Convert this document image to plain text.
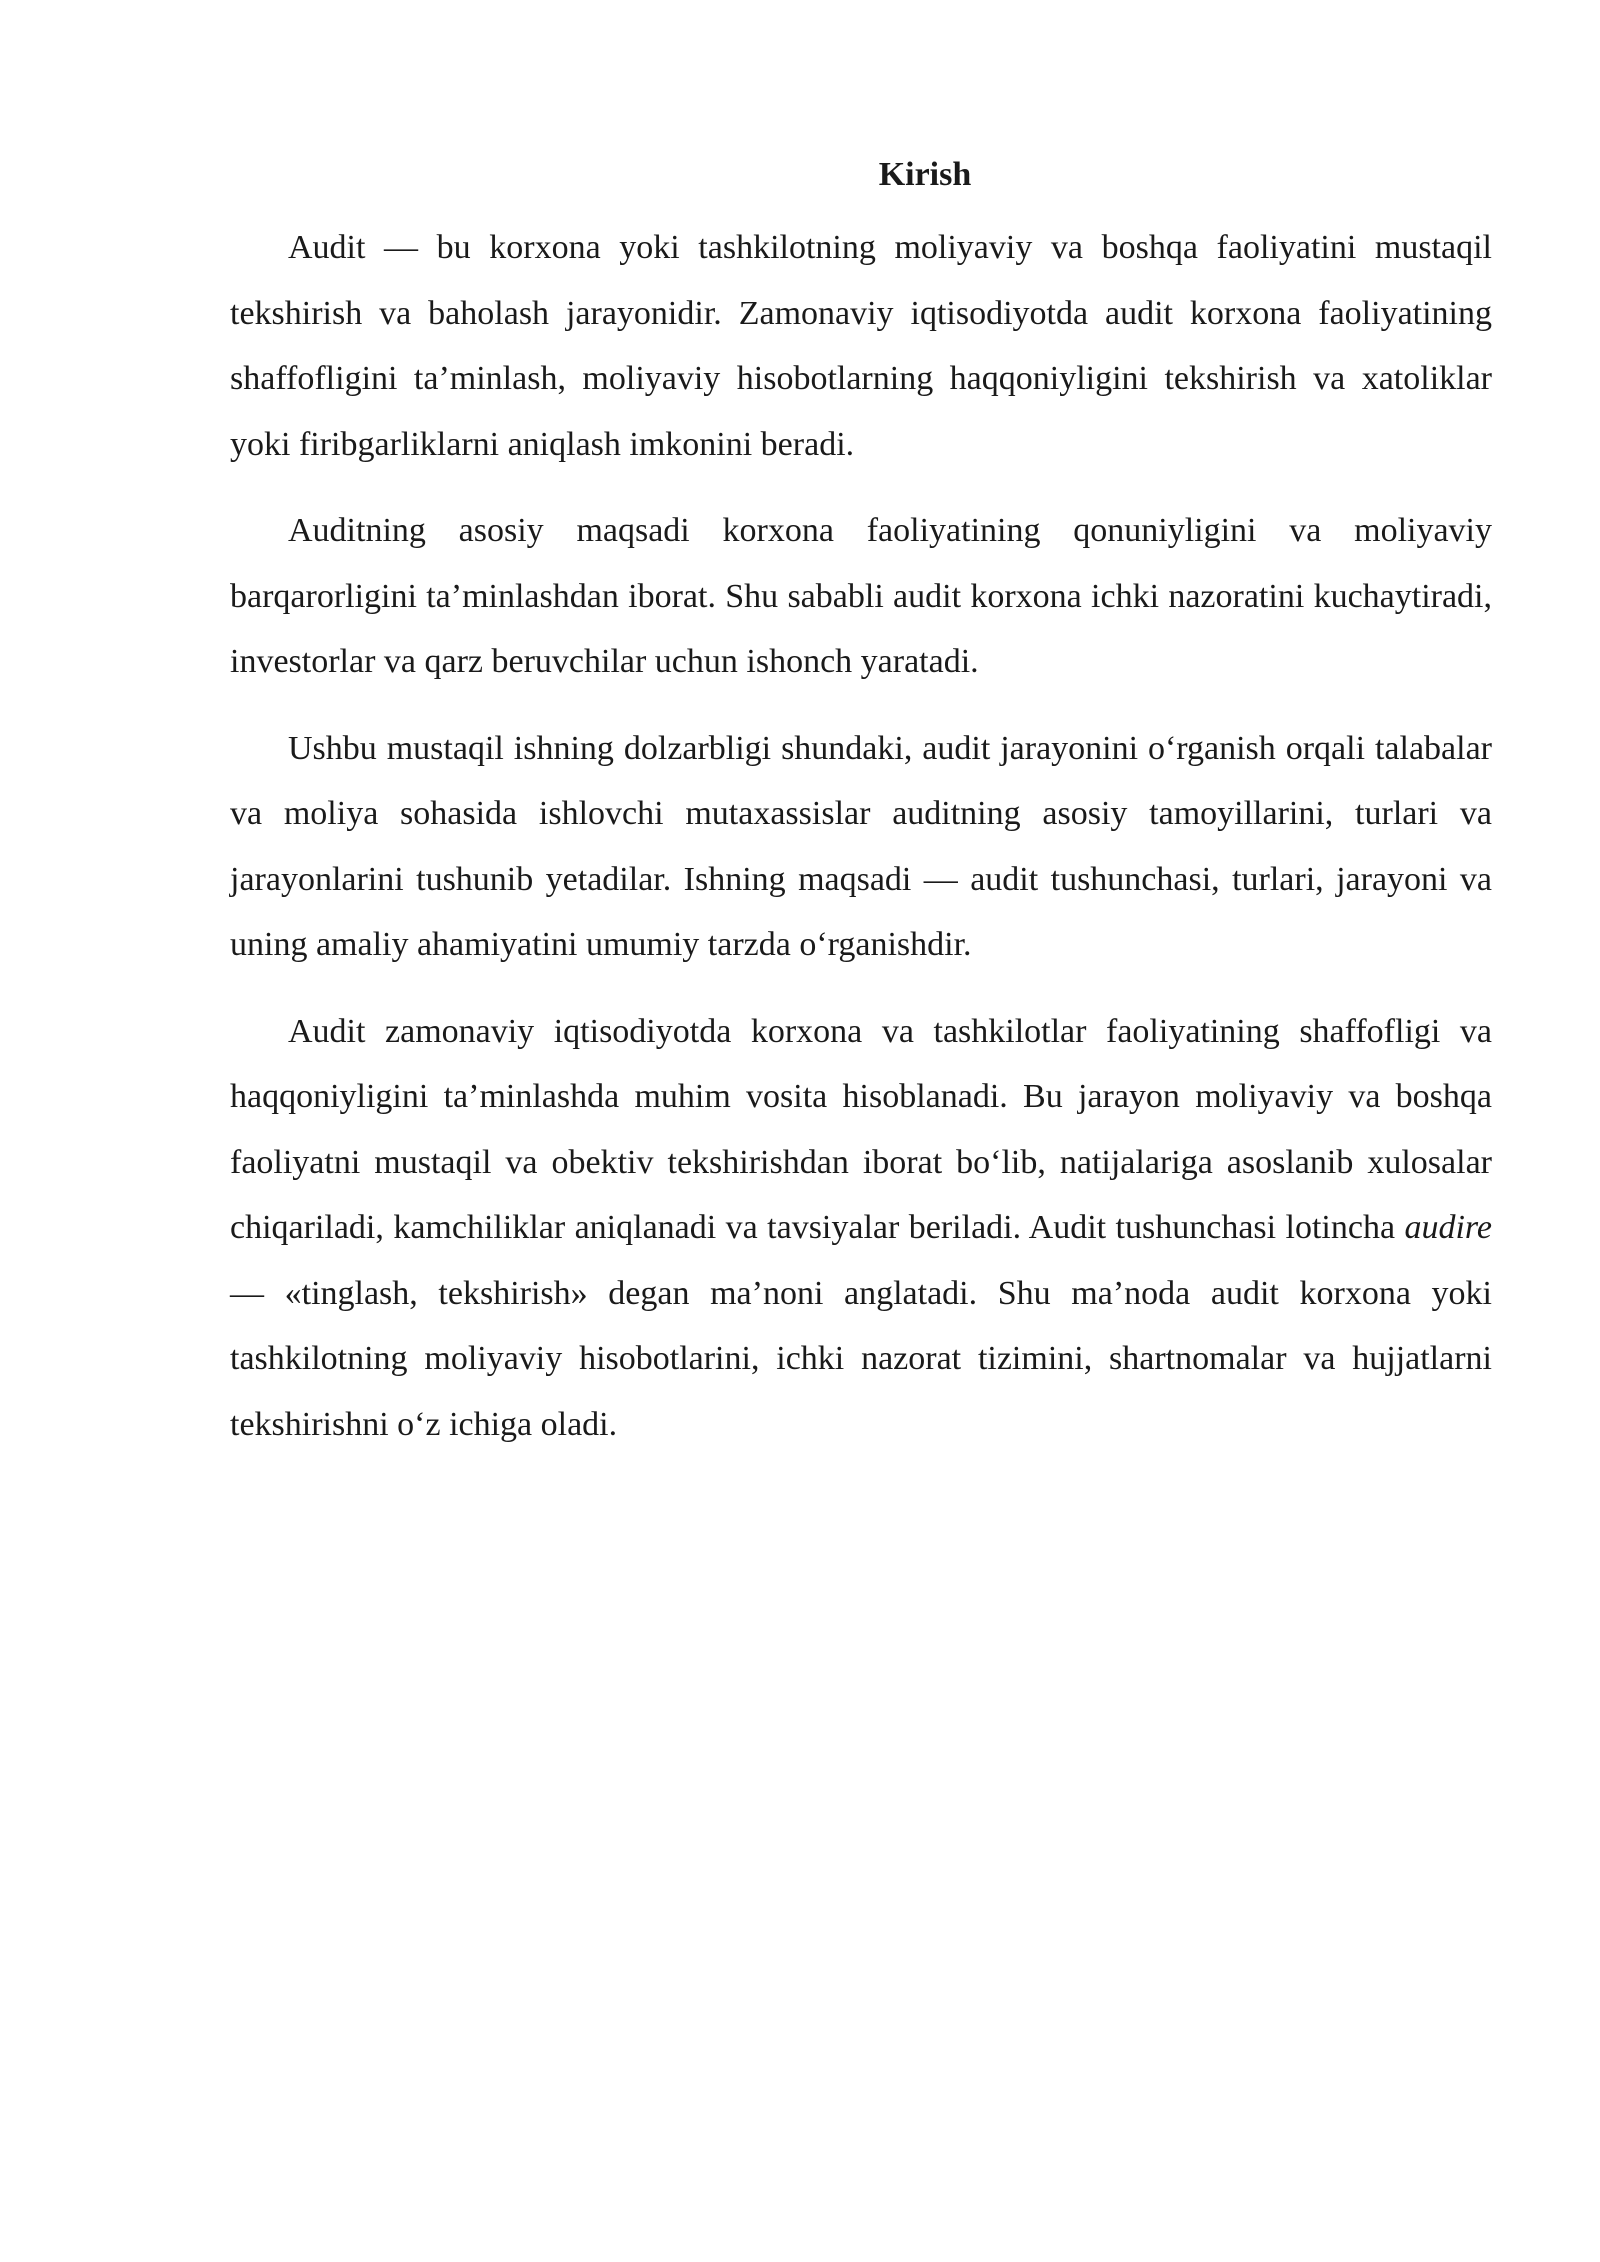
Kirish

Audit — bu korxona yoki tashkilotning moliyaviy va boshqa faoliyatini mustaqil tekshirish va baholash jarayonidir. Zamonaviy iqtisodiyotda audit korxona faoliyatining shaffofligini ta’minlash, moliyaviy hisobotlarning haqqoniyligini tekshirish va xatoliklar yoki firibgarliklarni aniqlash imkonini beradi.

Auditning asosiy maqsadi korxona faoliyatining qonuniyligini va moliyaviy barqarorligini ta’minlashdan iborat. Shu sababli audit korxona ichki nazoratini kuchaytiradi, investorlar va qarz beruvchilar uchun ishonch yaratadi.

Ushbu mustaqil ishning dolzarbligi shundaki, audit jarayonini o‘rganish orqali talabalar va moliya sohasida ishlovchi mutaxassislar auditning asosiy tamoyillarini, turlari va jarayonlarini tushunib yetadilar. Ishning maqsadi — audit tushunchasi, turlari, jarayoni va uning amaliy ahamiyatini umumiy tarzda o‘rganishdir.

Audit zamonaviy iqtisodiyotda korxona va tashkilotlar faoliyatining shaffofligi va haqqoniyligini ta’minlashda muhim vosita hisoblanadi. Bu jarayon moliyaviy va boshqa faoliyatni mustaqil va obektiv tekshirishdan iborat bo‘lib, natijalariga asoslanib xulosalar chiqariladi, kamchiliklar aniqlanadi va tavsiyalar beriladi. Audit tushunchasi lotincha audire — «tinglash, tekshirish» degan ma’noni anglatadi. Shu ma’noda audit korxona yoki tashkilotning moliyaviy hisobotlarini, ichki nazorat tizimini, shartnomalar va hujjatlarni tekshirishni o‘z ichiga oladi.
